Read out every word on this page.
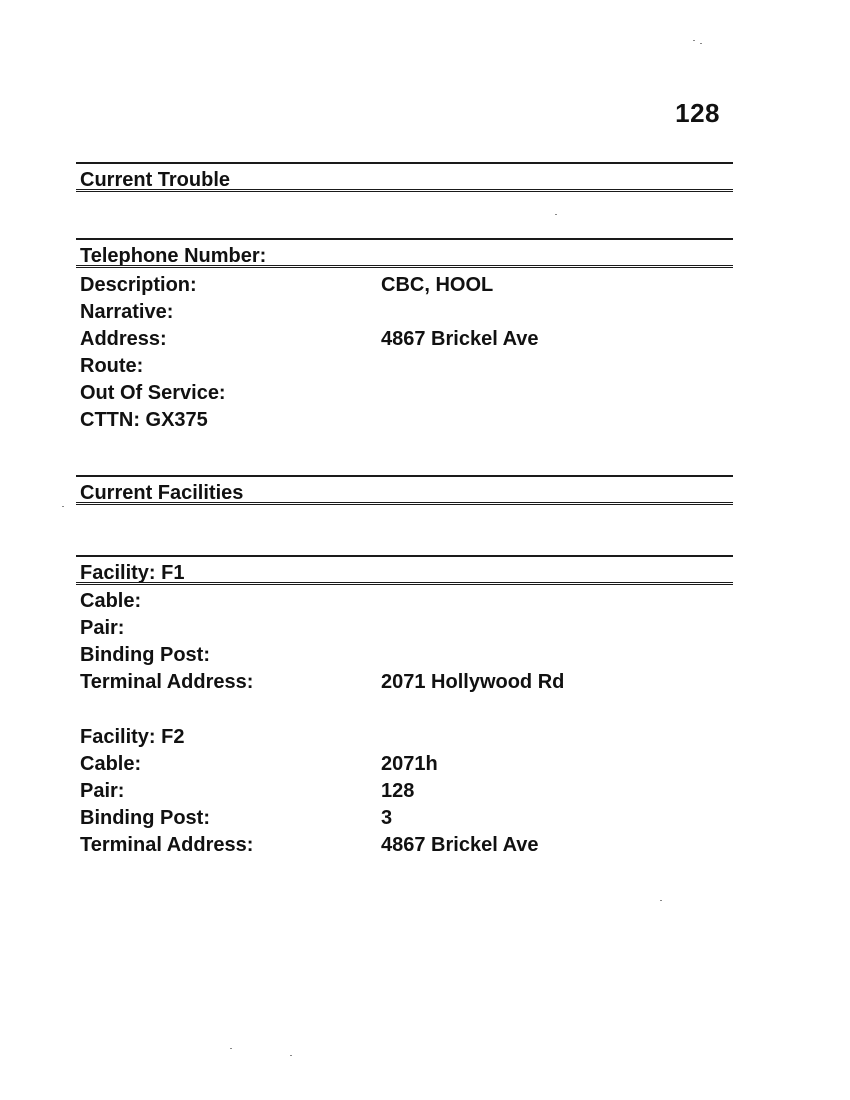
128
Current Trouble
Telephone Number:
Description:	CBC, HOOL
Narrative:
Address:	4867 Brickel Ave
Route:
Out Of Service:
CTTN: GX375
Current Facilities
Facility: F1
Cable:
Pair:
Binding Post:
Terminal Address:	2071 Hollywood Rd
Facility: F2
Cable:	2071h
Pair:	128
Binding Post:	3
Terminal Address:	4867 Brickel Ave
